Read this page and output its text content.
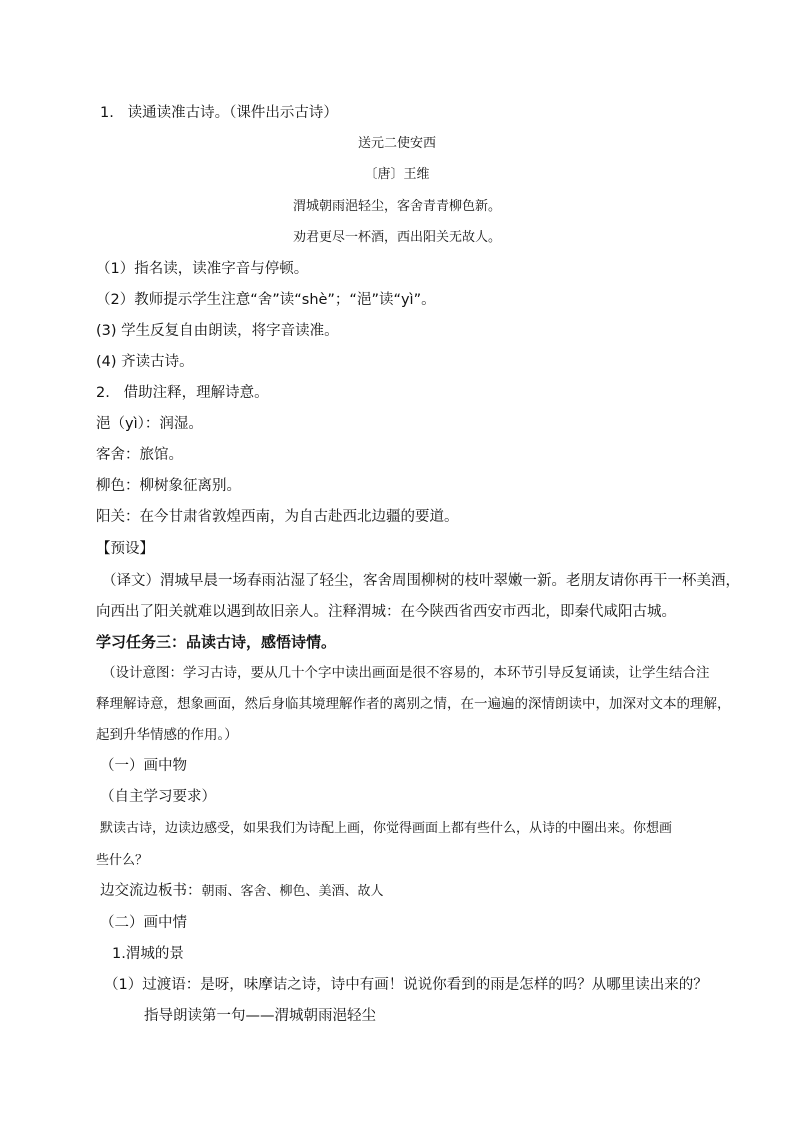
1.   读通读准古诗。（课件出示古诗）
送元二使安西
〔唐〕王维
渭城朝雨浥轻尘，客舍青青柳色新。
劝君更尽一杯酒，西出阳关无故人。
（1）指名读，读准字音与停顿。
（2）教师提示学生注意“舍”读“shè”；“浥”读“yì”。
(3) 学生反复自由朗读，将字音读准。
(4) 齐读古诗。
2.   借助注释，理解诗意。
浥（yì）：润湿。
客舍：旅馆。
柳色：柳树象征离别。
阳关：在今甘肃省敦煌西南，为自古赴西北边疆的要道。
【预设】
（译文）渭城早晨一场春雨沾湿了轻尘，客舍周围柳树的枝叶翠嫩一新。老朋友请你再干一杯美酒，
向西出了阳关就难以遇到故旧亲人。注释渭城：在今陕西省西安市西北，即秦代咸阳古城。
学习任务三：品读古诗，感悟诗情。
（设计意图：学习古诗，要从几十个字中读出画面是很不容易的，本环节引导反复诵读，让学生结合注
释理解诗意，想象画面，然后身临其境理解作者的离别之情，在一遍遍的深情朗读中，加深对文本的理解，
起到升华情感的作用。）
（一）画中物
（自主学习要求）
默读古诗，边读边感受，如果我们为诗配上画，你觉得画面上都有些什么，从诗的中圈出来。你想画
些什么？
边交流边板书：朝雨、客舍、柳色、美酒、故人
（二）画中情
1.渭城的景
（1）过渡语：是呀，味摩诘之诗，诗中有画！说说你看到的雨是怎样的吗？从哪里读出来的？
指导朗读第一句——渭城朝雨浥轻尘
